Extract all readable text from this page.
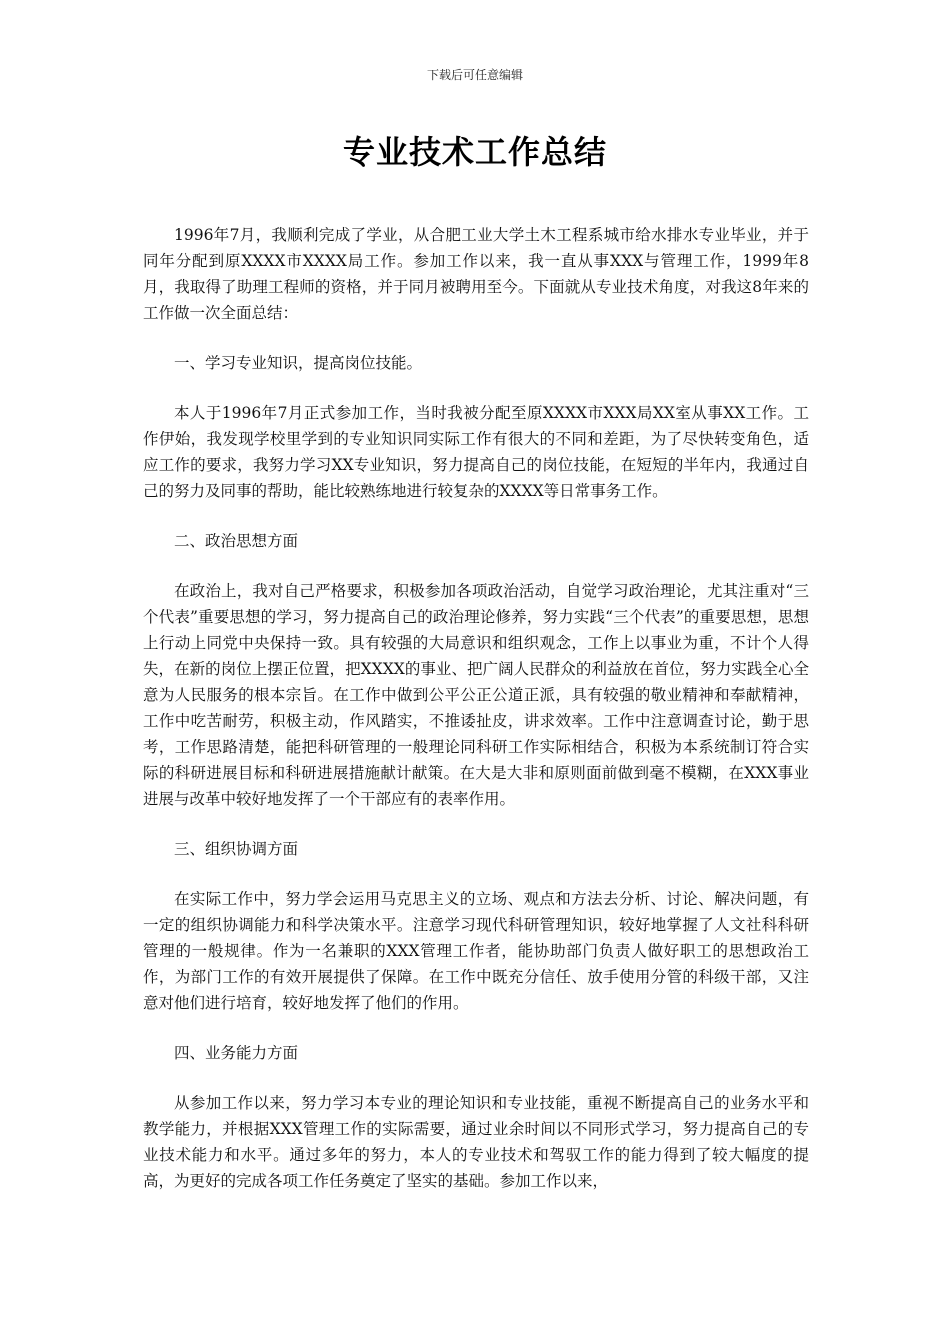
下载后可任意编辑
专业技术工作总结

1996年7月，我顺利完成了学业，从合肥工业大学土木工程系城市给水排水专业毕业，并于同年分配到原XXXX市XXXX局工作。参加工作以来，我一直从事XXX与管理工作，1999年8月，我取得了助理工程师的资格，并于同月被聘用至今。下面就从专业技术角度，对我这8年来的工作做一次全面总结：

一、学习专业知识，提高岗位技能。

本人于1996年7月正式参加工作，当时我被分配至原XXXX市XXX局XX室从事XX工作。工作伊始，我发现学校里学到的专业知识同实际工作有很大的不同和差距，为了尽快转变角色，适应工作的要求，我努力学习XX专业知识，努力提高自己的岗位技能，在短短的半年内，我通过自己的努力及同事的帮助，能比较熟练地进行较复杂的XXXX等日常事务工作。

二、政治思想方面

在政治上，我对自己严格要求，积极参加各项政治活动，自觉学习政治理论，尤其注重对“三个代表”重要思想的学习，努力提高自己的政治理论修养，努力实践“三个代表”的重要思想，思想上行动上同党中央保持一致。具有较强的大局意识和组织观念，工作上以事业为重，不计个人得失，在新的岗位上摆正位置，把XXXX的事业、把广阔人民群众的利益放在首位，努力实践全心全意为人民服务的根本宗旨。在工作中做到公平公正公道正派，具有较强的敬业精神和奉献精神，工作中吃苦耐劳，积极主动，作风踏实，不推诿扯皮，讲求效率。工作中注意调查讨论，勤于思考，工作思路清楚，能把科研管理的一般理论同科研工作实际相结合，积极为本系统制订符合实际的科研进展目标和科研进展措施献计献策。在大是大非和原则面前做到毫不模糊，在XXX事业进展与改革中较好地发挥了一个干部应有的表率作用。

三、组织协调方面

在实际工作中，努力学会运用马克思主义的立场、观点和方法去分析、讨论、解决问题，有一定的组织协调能力和科学决策水平。注意学习现代科研管理知识，较好地掌握了人文社科科研管理的一般规律。作为一名兼职的XXX管理工作者，能协助部门负责人做好职工的思想政治工作，为部门工作的有效开展提供了保障。在工作中既充分信任、放手使用分管的科级干部，又注意对他们进行培育，较好地发挥了他们的作用。

四、业务能力方面

从参加工作以来，努力学习本专业的理论知识和专业技能，重视不断提高自己的业务水平和教学能力，并根据XXX管理工作的实际需要，通过业余时间以不同形式学习，努力提高自己的专业技术能力和水平。通过多年的努力，本人的专业技术和驾驭工作的能力得到了较大幅度的提高，为更好的完成各项工作任务奠定了坚实的基础。参加工作以来，
